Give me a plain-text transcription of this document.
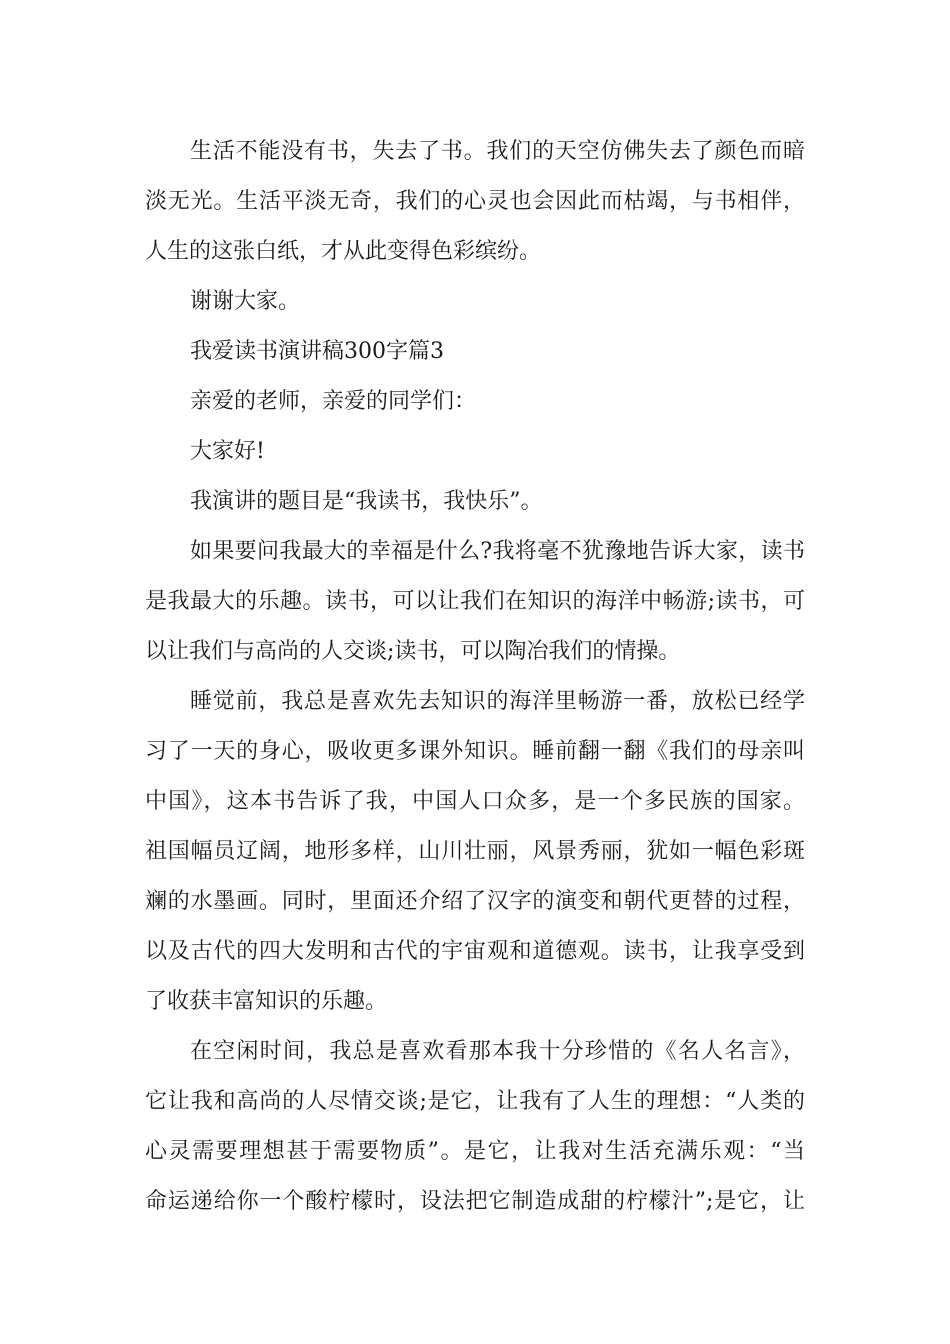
生活不能没有书，失去了书。我们的天空仿佛失去了颜色而暗
淡无光。生活平淡无奇，我们的心灵也会因此而枯竭，与书相伴，
人生的这张白纸，才从此变得色彩缤纷。
谢谢大家。
我爱读书演讲稿300字篇3
亲爱的老师，亲爱的同学们：
大家好!
我演讲的题目是“我读书，我快乐”。
如果要问我最大的幸福是什么?我将毫不犹豫地告诉大家，读书
是我最大的乐趣。读书，可以让我们在知识的海洋中畅游;读书，可
以让我们与高尚的人交谈;读书，可以陶冶我们的情操。
睡觉前，我总是喜欢先去知识的海洋里畅游一番，放松已经学
习了一天的身心，吸收更多课外知识。睡前翻一翻《我们的母亲叫
中国》，这本书告诉了我，中国人口众多，是一个多民族的国家。
祖国幅员辽阔，地形多样，山川壮丽，风景秀丽，犹如一幅色彩斑
斓的水墨画。同时，里面还介绍了汉字的演变和朝代更替的过程，
以及古代的四大发明和古代的宇宙观和道德观。读书，让我享受到
了收获丰富知识的乐趣。
在空闲时间，我总是喜欢看那本我十分珍惜的《名人名言》，
它让我和高尚的人尽情交谈;是它，让我有了人生的理想：“人类的
心灵需要理想甚于需要物质”。是它，让我对生活充满乐观：“当
命运递给你一个酸柠檬时，设法把它制造成甜的柠檬汁”;是它，让
